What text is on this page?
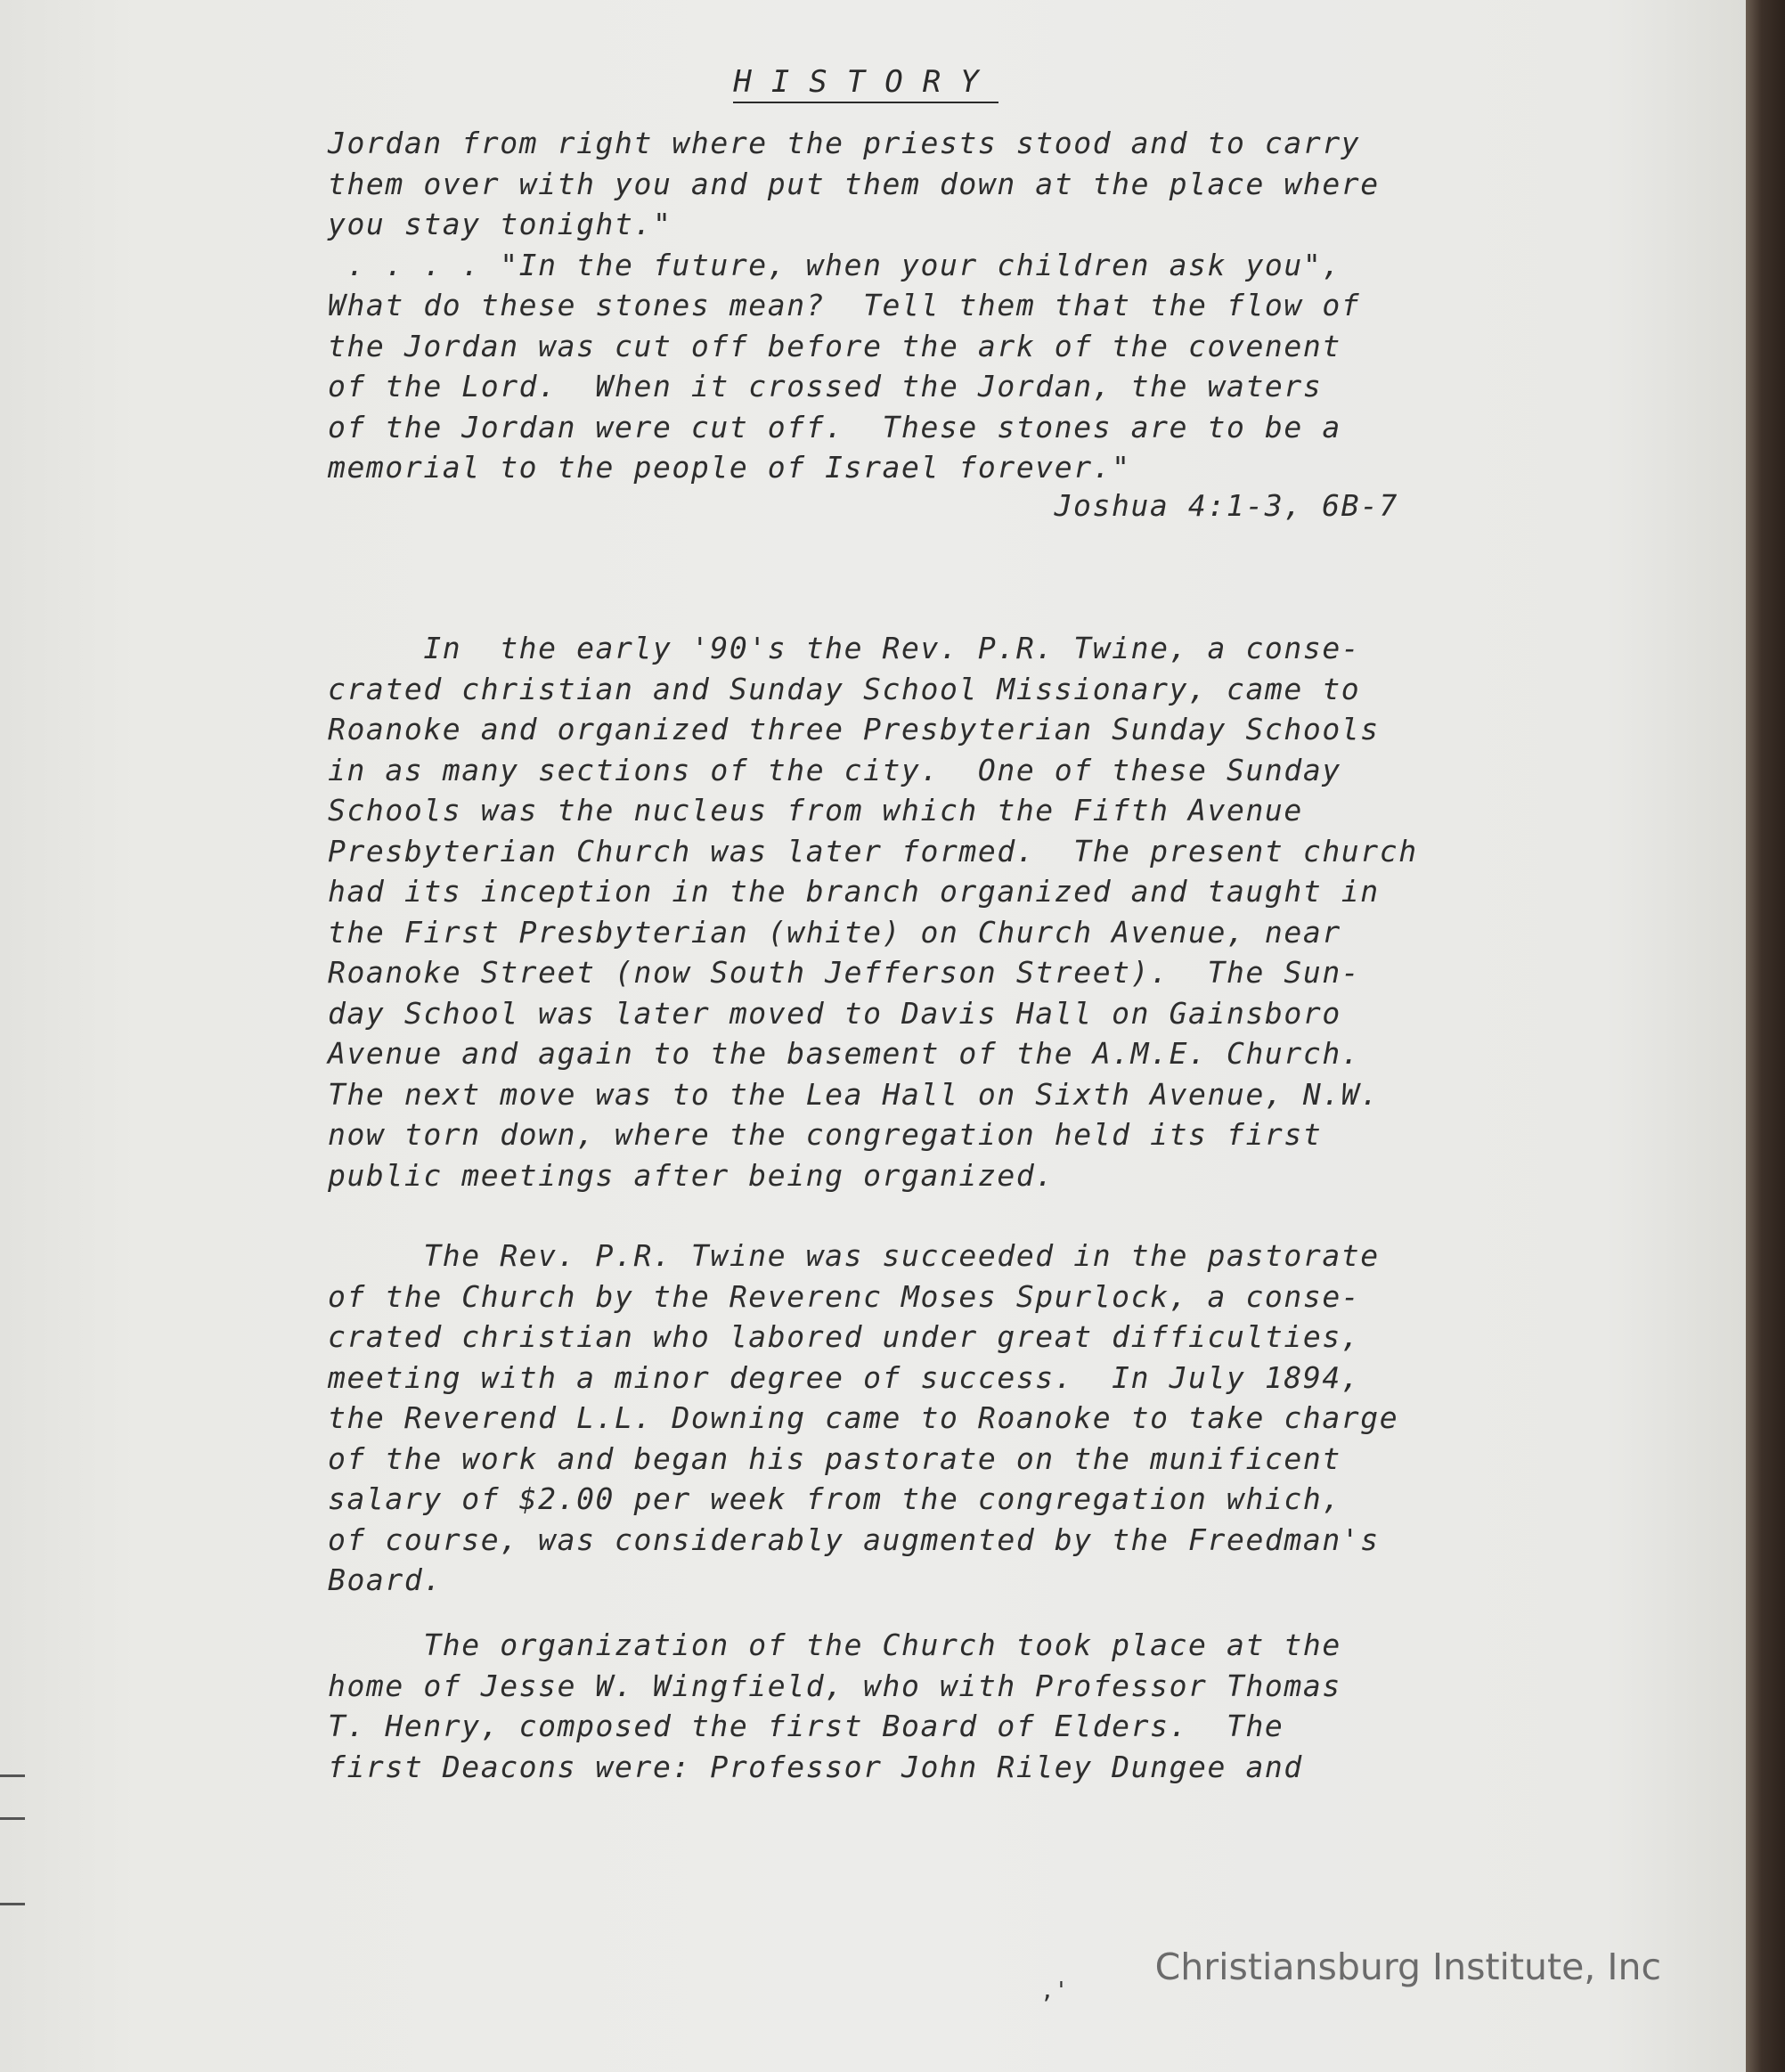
HISTORY
Jordan from right where the priests stood and to carry
them over with you and put them down at the place where
you stay tonight."
. . . . "In the future, when your children ask you",
What do these stones mean?  Tell them that the flow of
the Jordan was cut off before the ark of the covenent
of the Lord.  When it crossed the Jordan, the waters
of the Jordan were cut off.  These stones are to be a
memorial to the people of Israel forever."
Joshua 4:1-3, 6B-7
In  the early '90's the Rev. P.R. Twine, a conse-
crated christian and Sunday School Missionary, came to
Roanoke and organized three Presbyterian Sunday Schools
in as many sections of the city.  One of these Sunday
Schools was the nucleus from which the Fifth Avenue
Presbyterian Church was later formed.  The present church
had its inception in the branch organized and taught in
the First Presbyterian (white) on Church Avenue, near
Roanoke Street (now South Jefferson Street).  The Sun-
day School was later moved to Davis Hall on Gainsboro
Avenue and again to the basement of the A.M.E. Church.
The next move was to the Lea Hall on Sixth Avenue, N.W.
now torn down, where the congregation held its first
public meetings after being organized.
The Rev. P.R. Twine was succeeded in the pastorate
of the Church by the Reverenc Moses Spurlock, a conse-
crated christian who labored under great difficulties,
meeting with a minor degree of success.  In July 1894,
the Reverend L.L. Downing came to Roanoke to take charge
of the work and began his pastorate on the munificent
salary of $2.00 per week from the congregation which,
of course, was considerably augmented by the Freedman's
Board.
The organization of the Church took place at the
home of Jesse W. Wingfield, who with Professor Thomas
T. Henry, composed the first Board of Elders.  The
first Deacons were: Professor John Riley Dungee and
,'
Christiansburg Institute, Inc
